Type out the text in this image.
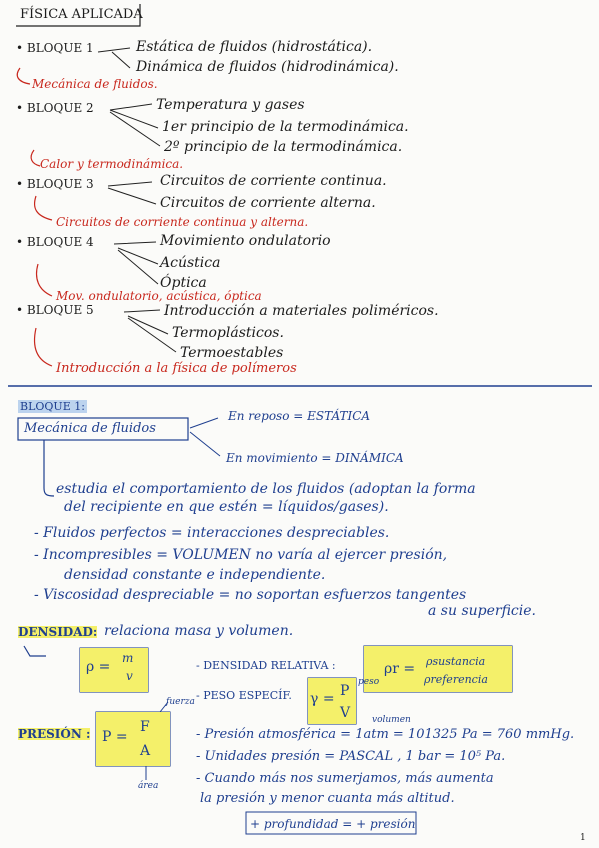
FÍSICA APLICADA
• BLOQUE 1	Estática de fluidos (hidrostática).
Dinámica de fluidos (hidrodinámica).
Mecánica de fluidos.
• BLOQUE 2	Temperatura y gases
1er principio de la termodinámica.
2º principio de la termodinámica.
Calor y termodinámica.
• BLOQUE 3	Circuitos de corriente continua.
Circuitos de corriente alterna.
Circuitos de corriente continua y alterna.
• BLOQUE 4	Movimiento ondulatorio
Acústica
Óptica
Mov. ondulatorio, acústica, óptica
• BLOQUE 5	Introducción a materiales poliméricos.
Termoplásticos.
Termoestables
Introducción a la física de polímeros
BLOQUE 1:
Mecánica de fluidos
En reposo = ESTÁTICA
En movimiento = DINÁMICA
estudia el comportamiento de los fluidos (adoptan la forma
del recipiente en que estén = líquidos/gases).
- Fluidos perfectos = interacciones despreciables.
- Incompresibles = VOLUMEN no varía al ejercer presión,
densidad constante e independiente.
- Viscosidad despreciable = no soportan esfuerzos tangentes
a su superficie.
DENSIDAD: relaciona masa y volumen.
ρ =
m
v
- DENSIDAD RELATIVA :	ρr = ρsustancia
ρreferencia
- PESO ESPECÍF. γ = P
V
peso
volumen
PRESIÓN : P =
F
A
fuerza
área
- Presión atmosférica = 1atm = 101325 Pa = 760 mmHg.
- Unidades presión = PASCAL , 1 bar = 10⁵ Pa.
- Cuando más nos sumerjamos, más aumenta
la presión y menor cuanta más altitud.
+ profundidad = + presión
1
